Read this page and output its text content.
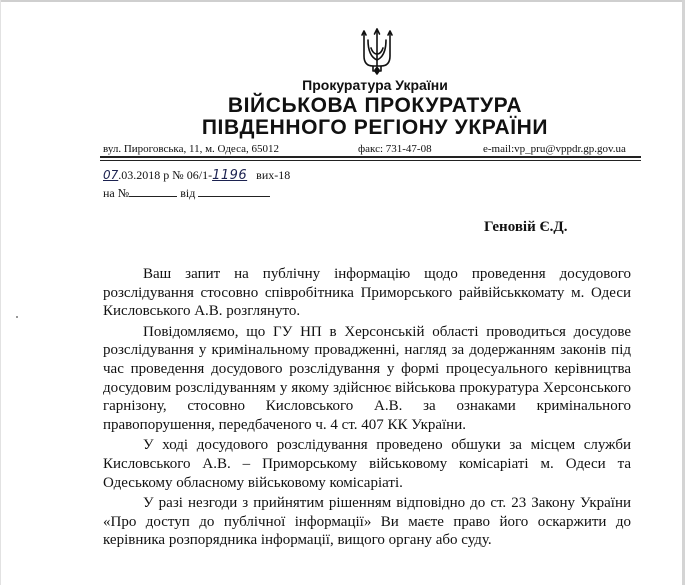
Прокуратура України
ВІЙСЬКОВА ПРОКУРАТУРА
ПІВДЕННОГО РЕГІОНУ УКРАЇНИ
вул. Пироговська, 11, м. Одеса, 65012	факс: 731-47-08	e-mail:vp_pru@vppdr.gp.gov.ua
07.03.2018 р № 06/1-1196 вих-18
на №	від
Геновій Є.Д.

Ваш запит на публічну інформацію щодо проведення досудового розслідування стосовно співробітника Приморського райвійськкомату м. Одеси Кисловського А.В. розглянуто.

Повідомляємо, що ГУ НП в Херсонській області проводиться досудове розслідування у кримінальному провадженні, нагляд за додержанням законів під час проведення досудового розслідування у формі процесуального керівництва досудовим розслідуванням у якому здійснює військова прокуратура Херсонського гарнізону, стосовно Кисловського А.В. за ознаками кримінального правопорушення, передбаченого ч. 4 ст. 407 КК України.

У ході досудового розслідування проведено обшуки за місцем служби Кисловського А.В. – Приморському військовому комісаріаті м. Одеси та Одеському обласному військовому комісаріаті.

У разі незгоди з прийнятим рішенням відповідно до ст. 23 Закону України «Про доступ до публічної інформації» Ви маєте право його оскаржити до керівника розпорядника інформації, вищого органу або суду.
